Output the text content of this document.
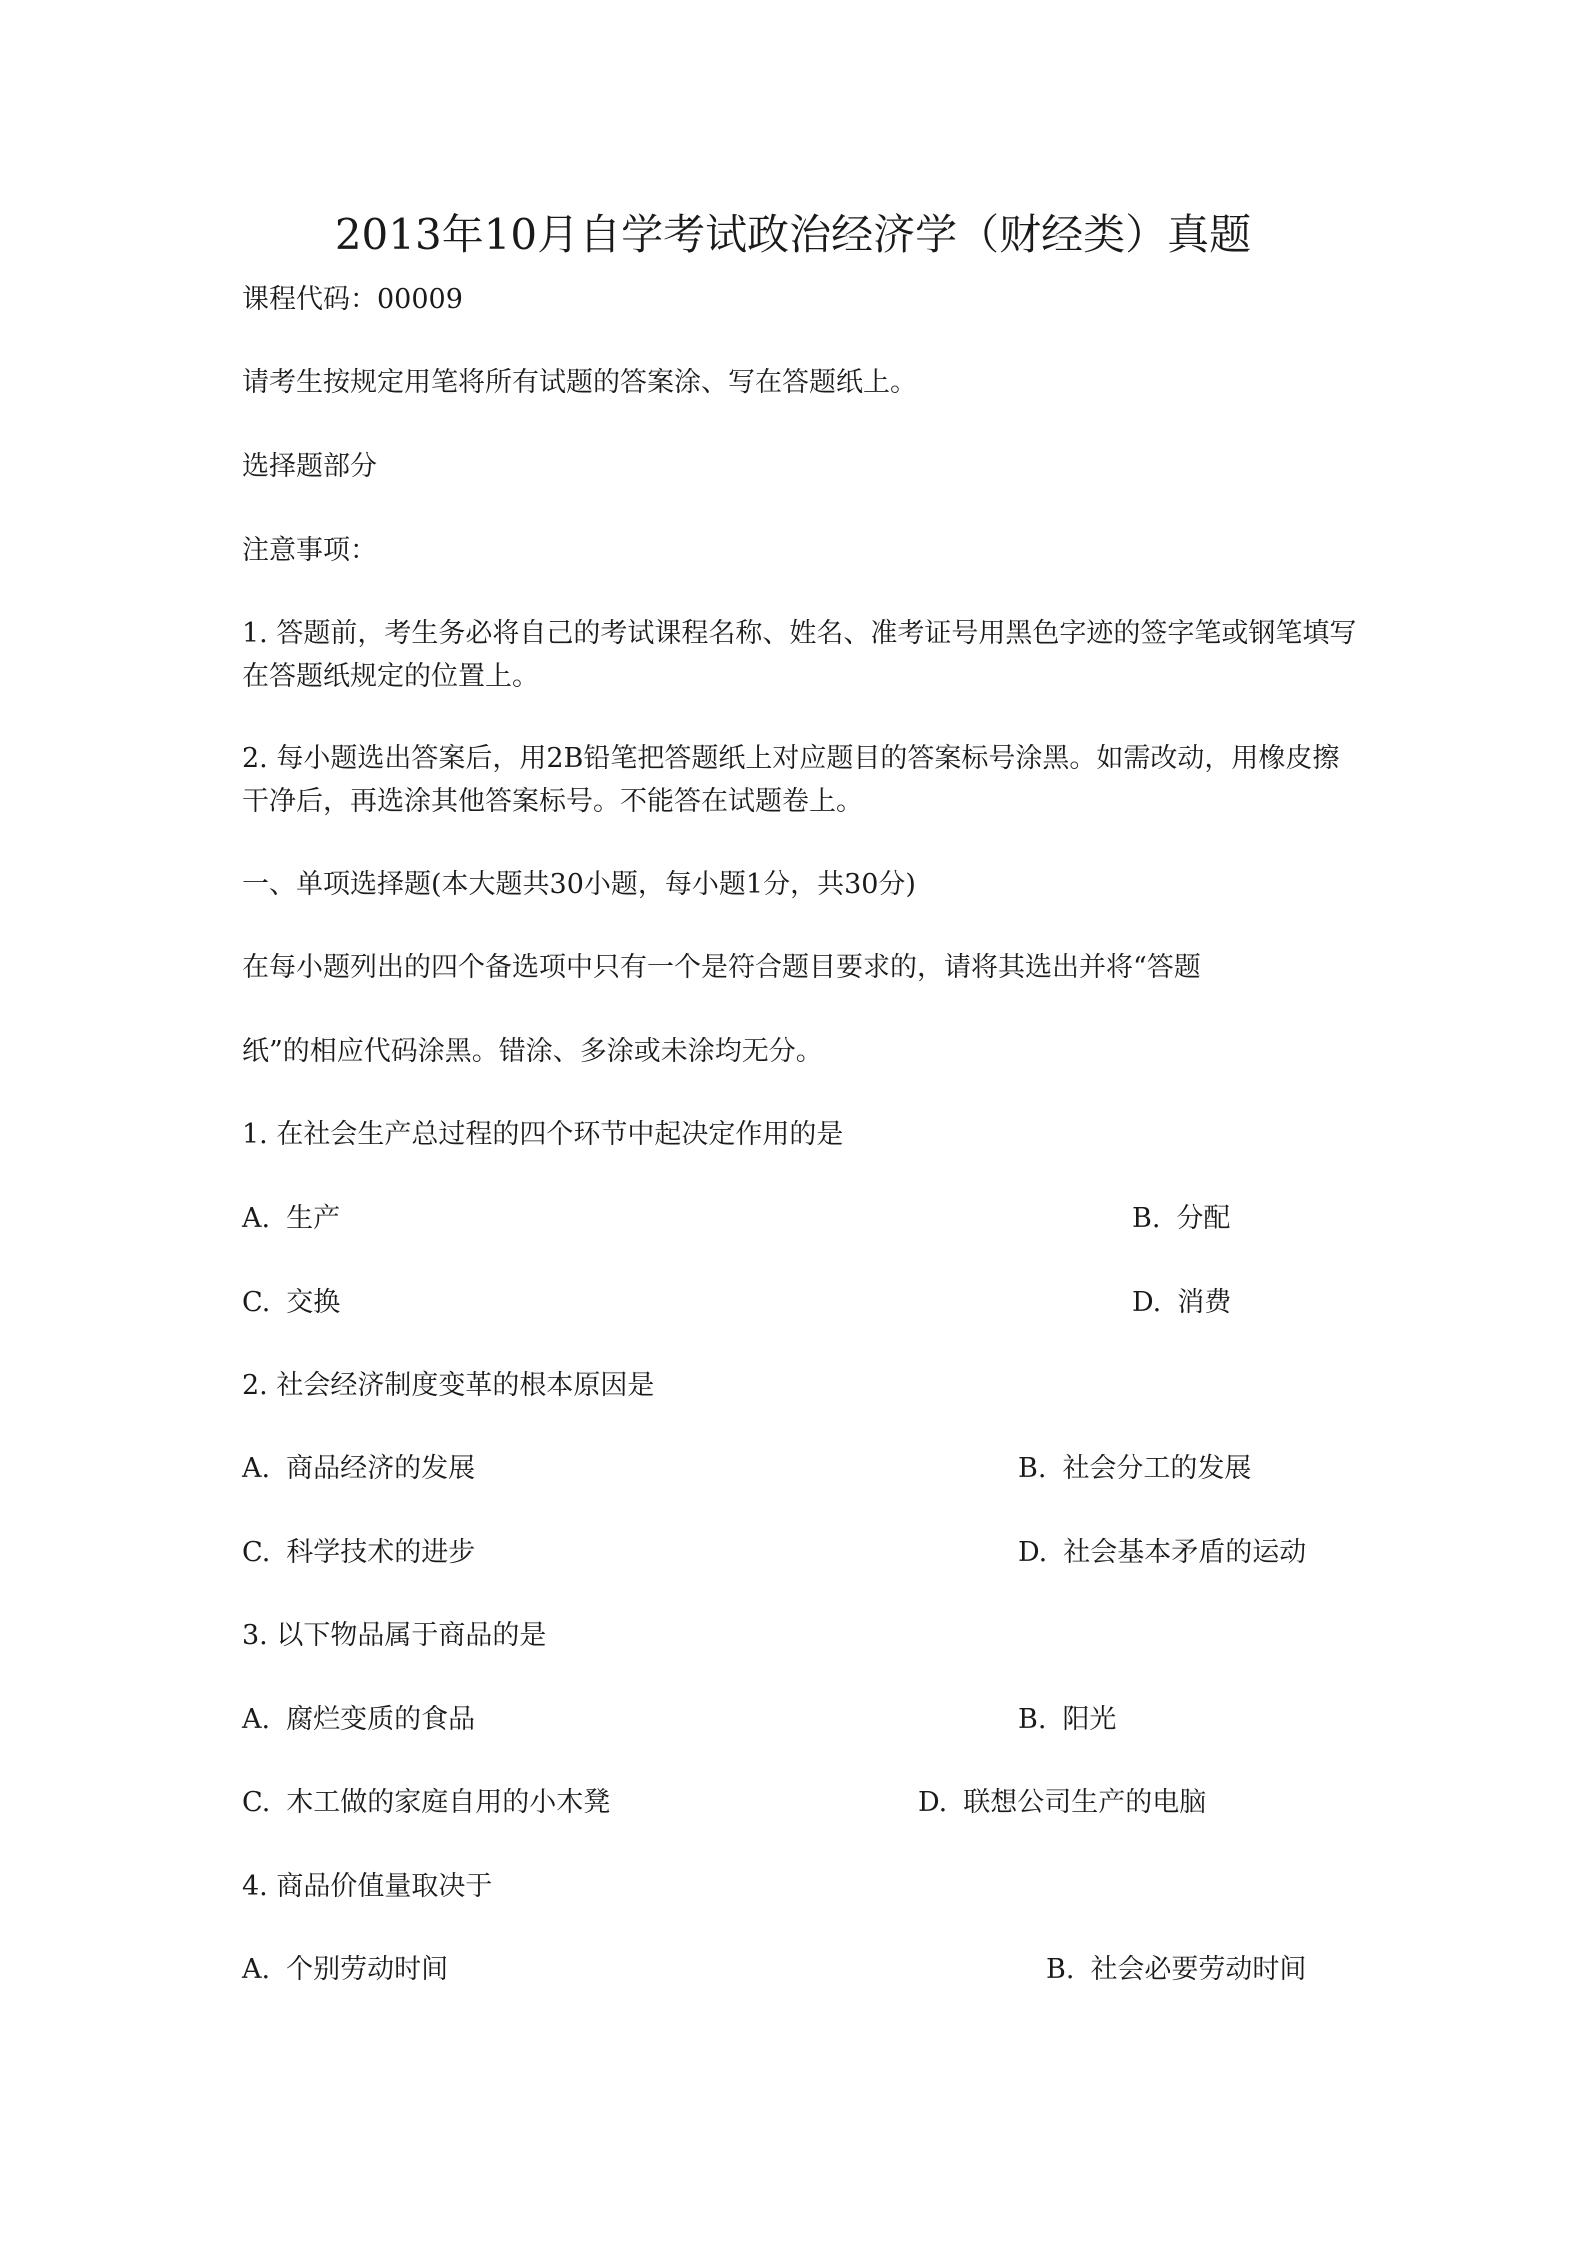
2013年10月自学考试政治经济学（财经类）真题

课程代码：00009

请考生按规定用笔将所有试题的答案涂、写在答题纸上。

选择题部分

注意事项：

1. 答题前，考生务必将自己的考试课程名称、姓名、准考证号用黑色字迹的签字笔或钢笔填写在答题纸规定的位置上。

2. 每小题选出答案后，用2B铅笔把答题纸上对应题目的答案标号涂黑。如需改动，用橡皮擦干净后，再选涂其他答案标号。不能答在试题卷上。

一、单项选择题(本大题共30小题，每小题1分，共30分)

在每小题列出的四个备选项中只有一个是符合题目要求的，请将其选出并将“答题

纸”的相应代码涂黑。错涂、多涂或未涂均无分。

1. 在社会生产总过程的四个环节中起决定作用的是

A. 生产	B. 分配

C. 交换	D. 消费

2. 社会经济制度变革的根本原因是

A. 商品经济的发展	B. 社会分工的发展

C. 科学技术的进步	D. 社会基本矛盾的运动

3. 以下物品属于商品的是

A. 腐烂变质的食品	B. 阳光

C. 木工做的家庭自用的小木凳	D. 联想公司生产的电脑

4. 商品价值量取决于

A. 个别劳动时间	B. 社会必要劳动时间
